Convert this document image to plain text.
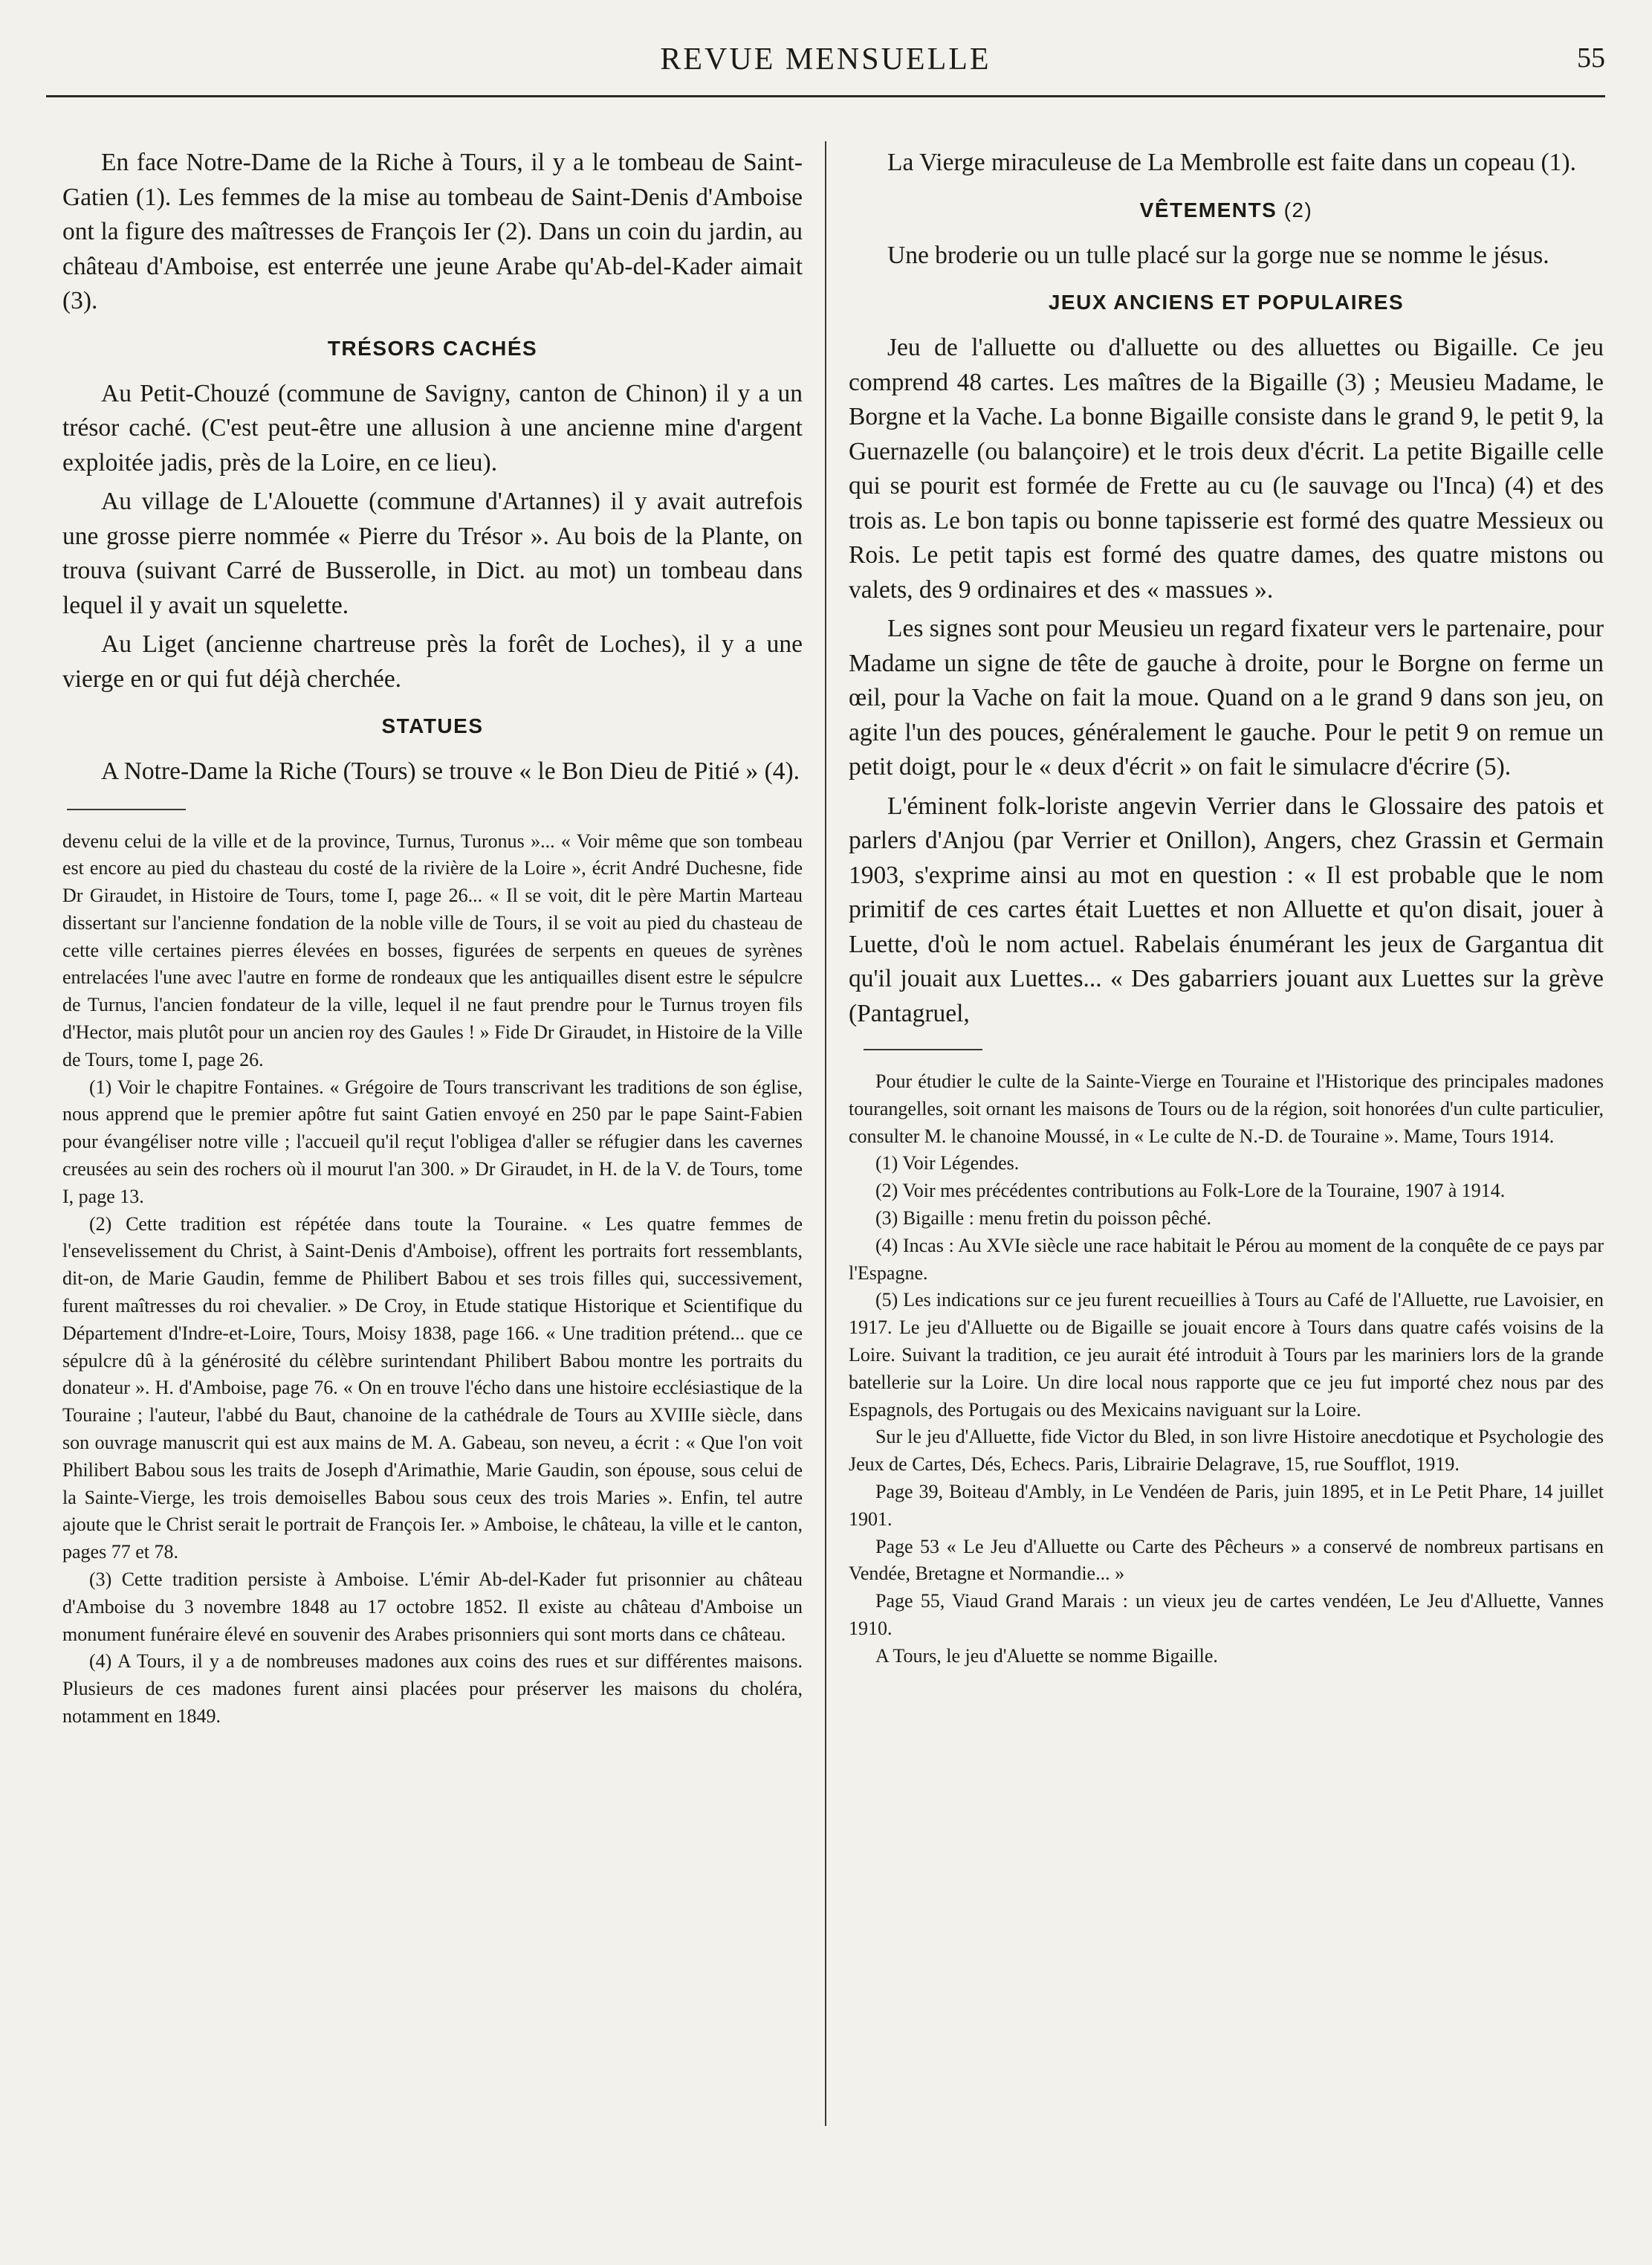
REVUE MENSUELLE	55

En face Notre-Dame de la Riche à Tours, il y a le tombeau de Saint-Gatien (1). Les femmes de la mise au tombeau de Saint-Denis d'Amboise ont la figure des maîtresses de François Ier (2). Dans un coin du jardin, au château d'Amboise, est enterrée une jeune Arabe qu'Ab-del-Kader aimait (3).

TRÉSORS CACHÉS

Au Petit-Chouzé (commune de Savigny, canton de Chinon) il y a un trésor caché. (C'est peut-être une allusion à une ancienne mine d'argent exploitée jadis, près de la Loire, en ce lieu).

Au village de L'Alouette (commune d'Artannes) il y avait autrefois une grosse pierre nommée « Pierre du Trésor ». Au bois de la Plante, on trouva (suivant Carré de Busserolle, in Dict. au mot) un tombeau dans lequel il y avait un squelette.

Au Liget (ancienne chartreuse près la forêt de Loches), il y a une vierge en or qui fut déjà cherchée.

STATUES

A Notre-Dame la Riche (Tours) se trouve « le Bon Dieu de Pitié » (4).

devenu celui de la ville et de la province, Turnus, Turonus »... « Voir même que son tombeau est encore au pied du chasteau du costé de la rivière de la Loire », écrit André Duchesne, fide Dr Giraudet, in Histoire de Tours, tome I, page 26... « Il se voit, dit le père Martin Marteau dissertant sur l'ancienne fondation de la noble ville de Tours, il se voit au pied du chasteau de cette ville certaines pierres élevées en bosses, figurées de serpents en queues de syrènes entrelacées l'une avec l'autre en forme de rondeaux que les antiquailles disent estre le sépulcre de Turnus, l'ancien fondateur de la ville, lequel il ne faut prendre pour le Turnus troyen fils d'Hector, mais plutôt pour un ancien roy des Gaules ! » Fide Dr Giraudet, in Histoire de la Ville de Tours, tome I, page 26.

(1) Voir le chapitre Fontaines. « Grégoire de Tours transcrivant les traditions de son église, nous apprend que le premier apôtre fut saint Gatien envoyé en 250 par le pape Saint-Fabien pour évangéliser notre ville ; l'accueil qu'il reçut l'obligea d'aller se réfugier dans les cavernes creusées au sein des rochers où il mourut l'an 300. » Dr Giraudet, in H. de la V. de Tours, tome I, page 13.

(2) Cette tradition est répétée dans toute la Touraine. « Les quatre femmes de l'ensevelissement du Christ, à Saint-Denis d'Amboise), offrent les portraits fort ressemblants, dit-on, de Marie Gaudin, femme de Philibert Babou et ses trois filles qui, successivement, furent maîtresses du roi chevalier. » De Croy, in Etude statique Historique et Scientifique du Département d'Indre-et-Loire, Tours, Moisy 1838, page 166. « Une tradition prétend... que ce sépulcre dû à la générosité du célèbre surintendant Philibert Babou montre les portraits du donateur ». H. d'Amboise, page 76. « On en trouve l'écho dans une histoire ecclésiastique de la Touraine ; l'auteur, l'abbé du Baut, chanoine de la cathédrale de Tours au XVIIIe siècle, dans son ouvrage manuscrit qui est aux mains de M. A. Gabeau, son neveu, a écrit : « Que l'on voit Philibert Babou sous les traits de Joseph d'Arimathie, Marie Gaudin, son épouse, sous celui de la Sainte-Vierge, les trois demoiselles Babou sous ceux des trois Maries ». Enfin, tel autre ajoute que le Christ serait le portrait de François Ier. » Amboise, le château, la ville et le canton, pages 77 et 78.

(3) Cette tradition persiste à Amboise. L'émir Ab-del-Kader fut prisonnier au château d'Amboise du 3 novembre 1848 au 17 octobre 1852. Il existe au château d'Amboise un monument funéraire élevé en souvenir des Arabes prisonniers qui sont morts dans ce château.

(4) A Tours, il y a de nombreuses madones aux coins des rues et sur différentes maisons. Plusieurs de ces madones furent ainsi placées pour préserver les maisons du choléra, notamment en 1849.

La Vierge miraculeuse de La Membrolle est faite dans un copeau (1).

VÊTEMENTS (2)

Une broderie ou un tulle placé sur la gorge nue se nomme le jésus.

JEUX ANCIENS ET POPULAIRES

Jeu de l'alluette ou d'alluette ou des alluettes ou Bigaille. Ce jeu comprend 48 cartes. Les maîtres de la Bigaille (3) ; Meusieu Madame, le Borgne et la Vache. La bonne Bigaille consiste dans le grand 9, le petit 9, la Guernazelle (ou balançoire) et le trois deux d'écrit. La petite Bigaille celle qui se pourit est formée de Frette au cu (le sauvage ou l'Inca) (4) et des trois as. Le bon tapis ou bonne tapisserie est formé des quatre Messieux ou Rois. Le petit tapis est formé des quatre dames, des quatre mistons ou valets, des 9 ordinaires et des « massues ».

Les signes sont pour Meusieu un regard fixateur vers le partenaire, pour Madame un signe de tête de gauche à droite, pour le Borgne on ferme un œil, pour la Vache on fait la moue. Quand on a le grand 9 dans son jeu, on agite l'un des pouces, généralement le gauche. Pour le petit 9 on remue un petit doigt, pour le « deux d'écrit » on fait le simulacre d'écrire (5).

L'éminent folk-loriste angevin Verrier dans le Glossaire des patois et parlers d'Anjou (par Verrier et Onillon), Angers, chez Grassin et Germain 1903, s'exprime ainsi au mot en question : « Il est probable que le nom primitif de ces cartes était Luettes et non Alluette et qu'on disait, jouer à Luette, d'où le nom actuel. Rabelais énumérant les jeux de Gargantua dit qu'il jouait aux Luettes... « Des gabarriers jouant aux Luettes sur la grève (Pantagruel,

Pour étudier le culte de la Sainte-Vierge en Touraine et l'Historique des principales madones tourangelles, soit ornant les maisons de Tours ou de la région, soit honorées d'un culte particulier, consulter M. le chanoine Moussé, in « Le culte de N.-D. de Touraine ». Mame, Tours 1914.

(1) Voir Légendes.

(2) Voir mes précédentes contributions au Folk-Lore de la Touraine, 1907 à 1914.

(3) Bigaille : menu fretin du poisson pêché.

(4) Incas : Au XVIe siècle une race habitait le Pérou au moment de la conquête de ce pays par l'Espagne.

(5) Les indications sur ce jeu furent recueillies à Tours au Café de l'Alluette, rue Lavoisier, en 1917. Le jeu d'Alluette ou de Bigaille se jouait encore à Tours dans quatre cafés voisins de la Loire. Suivant la tradition, ce jeu aurait été introduit à Tours par les mariniers lors de la grande batellerie sur la Loire. Un dire local nous rapporte que ce jeu fut importé chez nous par des Espagnols, des Portugais ou des Mexicains naviguant sur la Loire.

Sur le jeu d'Alluette, fide Victor du Bled, in son livre Histoire anecdotique et Psychologie des Jeux de Cartes, Dés, Echecs. Paris, Librairie Delagrave, 15, rue Soufflot, 1919.

Page 39, Boiteau d'Ambly, in Le Vendéen de Paris, juin 1895, et in Le Petit Phare, 14 juillet 1901.

Page 53 « Le Jeu d'Alluette ou Carte des Pêcheurs » a conservé de nombreux partisans en Vendée, Bretagne et Normandie... »

Page 55, Viaud Grand Marais : un vieux jeu de cartes vendéen, Le Jeu d'Alluette, Vannes 1910.

A Tours, le jeu d'Aluette se nomme Bigaille.
